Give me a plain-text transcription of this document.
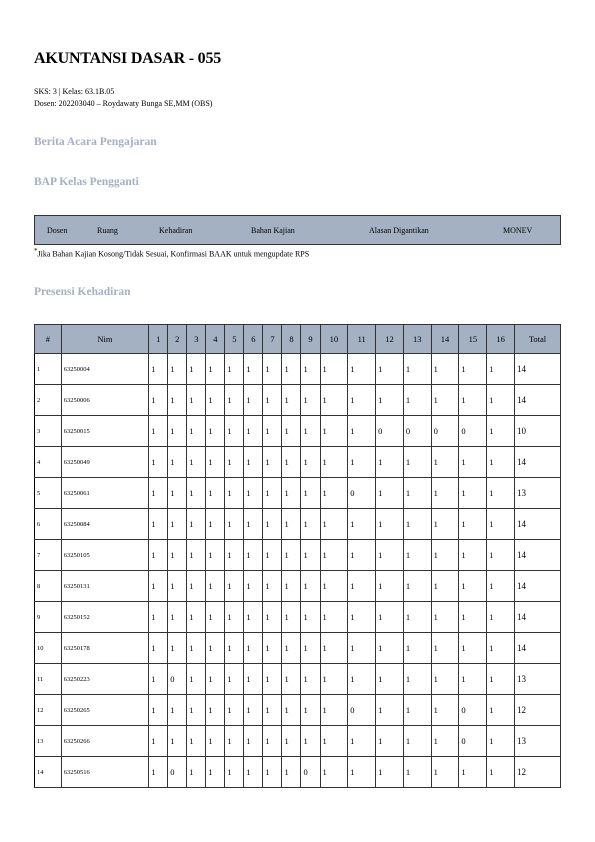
AKUNTANSI DASAR - 055
SKS: 3 | Kelas: 63.1B.05
Dosen: 202203040 – Roydawaty Bunga SE,MM (OBS)
Berita Acara Pengajaran
BAP Kelas Pengganti
Dosen	Ruang	Kehadiran	Bahan Kajian	Alasan Digantikan	MONEV
*Jika Bahan Kajian Kosong/Tidak Sesuai, Konfirmasi BAAK untuk mengupdate RPS
Presensi Kehadiran
#	Nim	1	2	3	4	5	6	7	8	9	10	11	12	13	14	15	16	Total
1	63250004	1	1	1	1	1	1	1	1	1	1	1	1	1	1	1	1	14
2	63250006	1	1	1	1	1	1	1	1	1	1	1	1	1	1	1	1	14
3	63250015	1	1	1	1	1	1	1	1	1	1	1	0	0	0	0	1	10
4	63250049	1	1	1	1	1	1	1	1	1	1	1	1	1	1	1	1	14
5	63250061	1	1	1	1	1	1	1	1	1	1	0	1	1	1	1	1	13
6	63250084	1	1	1	1	1	1	1	1	1	1	1	1	1	1	1	1	14
7	63250105	1	1	1	1	1	1	1	1	1	1	1	1	1	1	1	1	14
8	63250131	1	1	1	1	1	1	1	1	1	1	1	1	1	1	1	1	14
9	63250152	1	1	1	1	1	1	1	1	1	1	1	1	1	1	1	1	14
10	63250178	1	1	1	1	1	1	1	1	1	1	1	1	1	1	1	1	14
11	63250223	1	0	1	1	1	1	1	1	1	1	1	1	1	1	1	1	13
12	63250265	1	1	1	1	1	1	1	1	1	1	0	1	1	1	0	1	12
13	63250266	1	1	1	1	1	1	1	1	1	1	1	1	1	1	0	1	13
14	63250516	1	0	1	1	1	1	1	1	0	1	1	1	1	1	1	1	12
